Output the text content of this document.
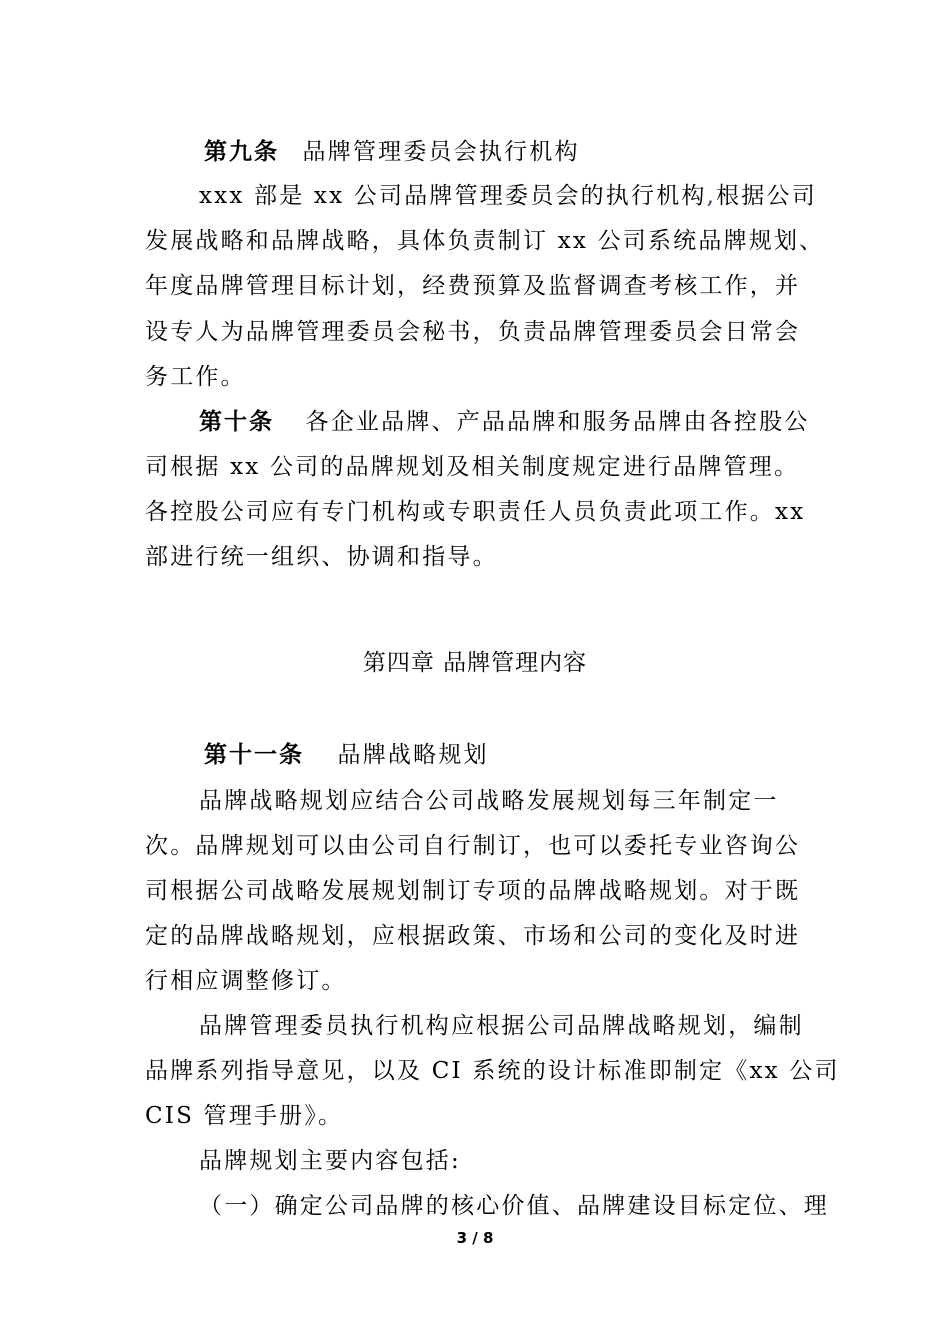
第九条 品牌管理委员会执行机构
xxx 部是 xx 公司品牌管理委员会的执行机构,根据公司
发展战略和品牌战略，具体负责制订 xx 公司系统品牌规划、
年度品牌管理目标计划，经费预算及监督调查考核工作，并
设专人为品牌管理委员会秘书，负责品牌管理委员会日常会
务工作。
第十条 各企业品牌、产品品牌和服务品牌由各控股公
司根据 xx 公司的品牌规划及相关制度规定进行品牌管理。
各控股公司应有专门机构或专职责任人员负责此项工作。xx
部进行统一组织、协调和指导。
第四章 品牌管理内容
第十一条 品牌战略规划
品牌战略规划应结合公司战略发展规划每三年制定一
次。品牌规划可以由公司自行制订，也可以委托专业咨询公
司根据公司战略发展规划制订专项的品牌战略规划。对于既
定的品牌战略规划，应根据政策、市场和公司的变化及时进
行相应调整修订。
品牌管理委员执行机构应根据公司品牌战略规划，编制
品牌系列指导意见，以及 CI 系统的设计标准即制定《xx 公司
CIS 管理手册》。
品牌规划主要内容包括:
（一）确定公司品牌的核心价值、品牌建设目标定位、理
3 / 8
